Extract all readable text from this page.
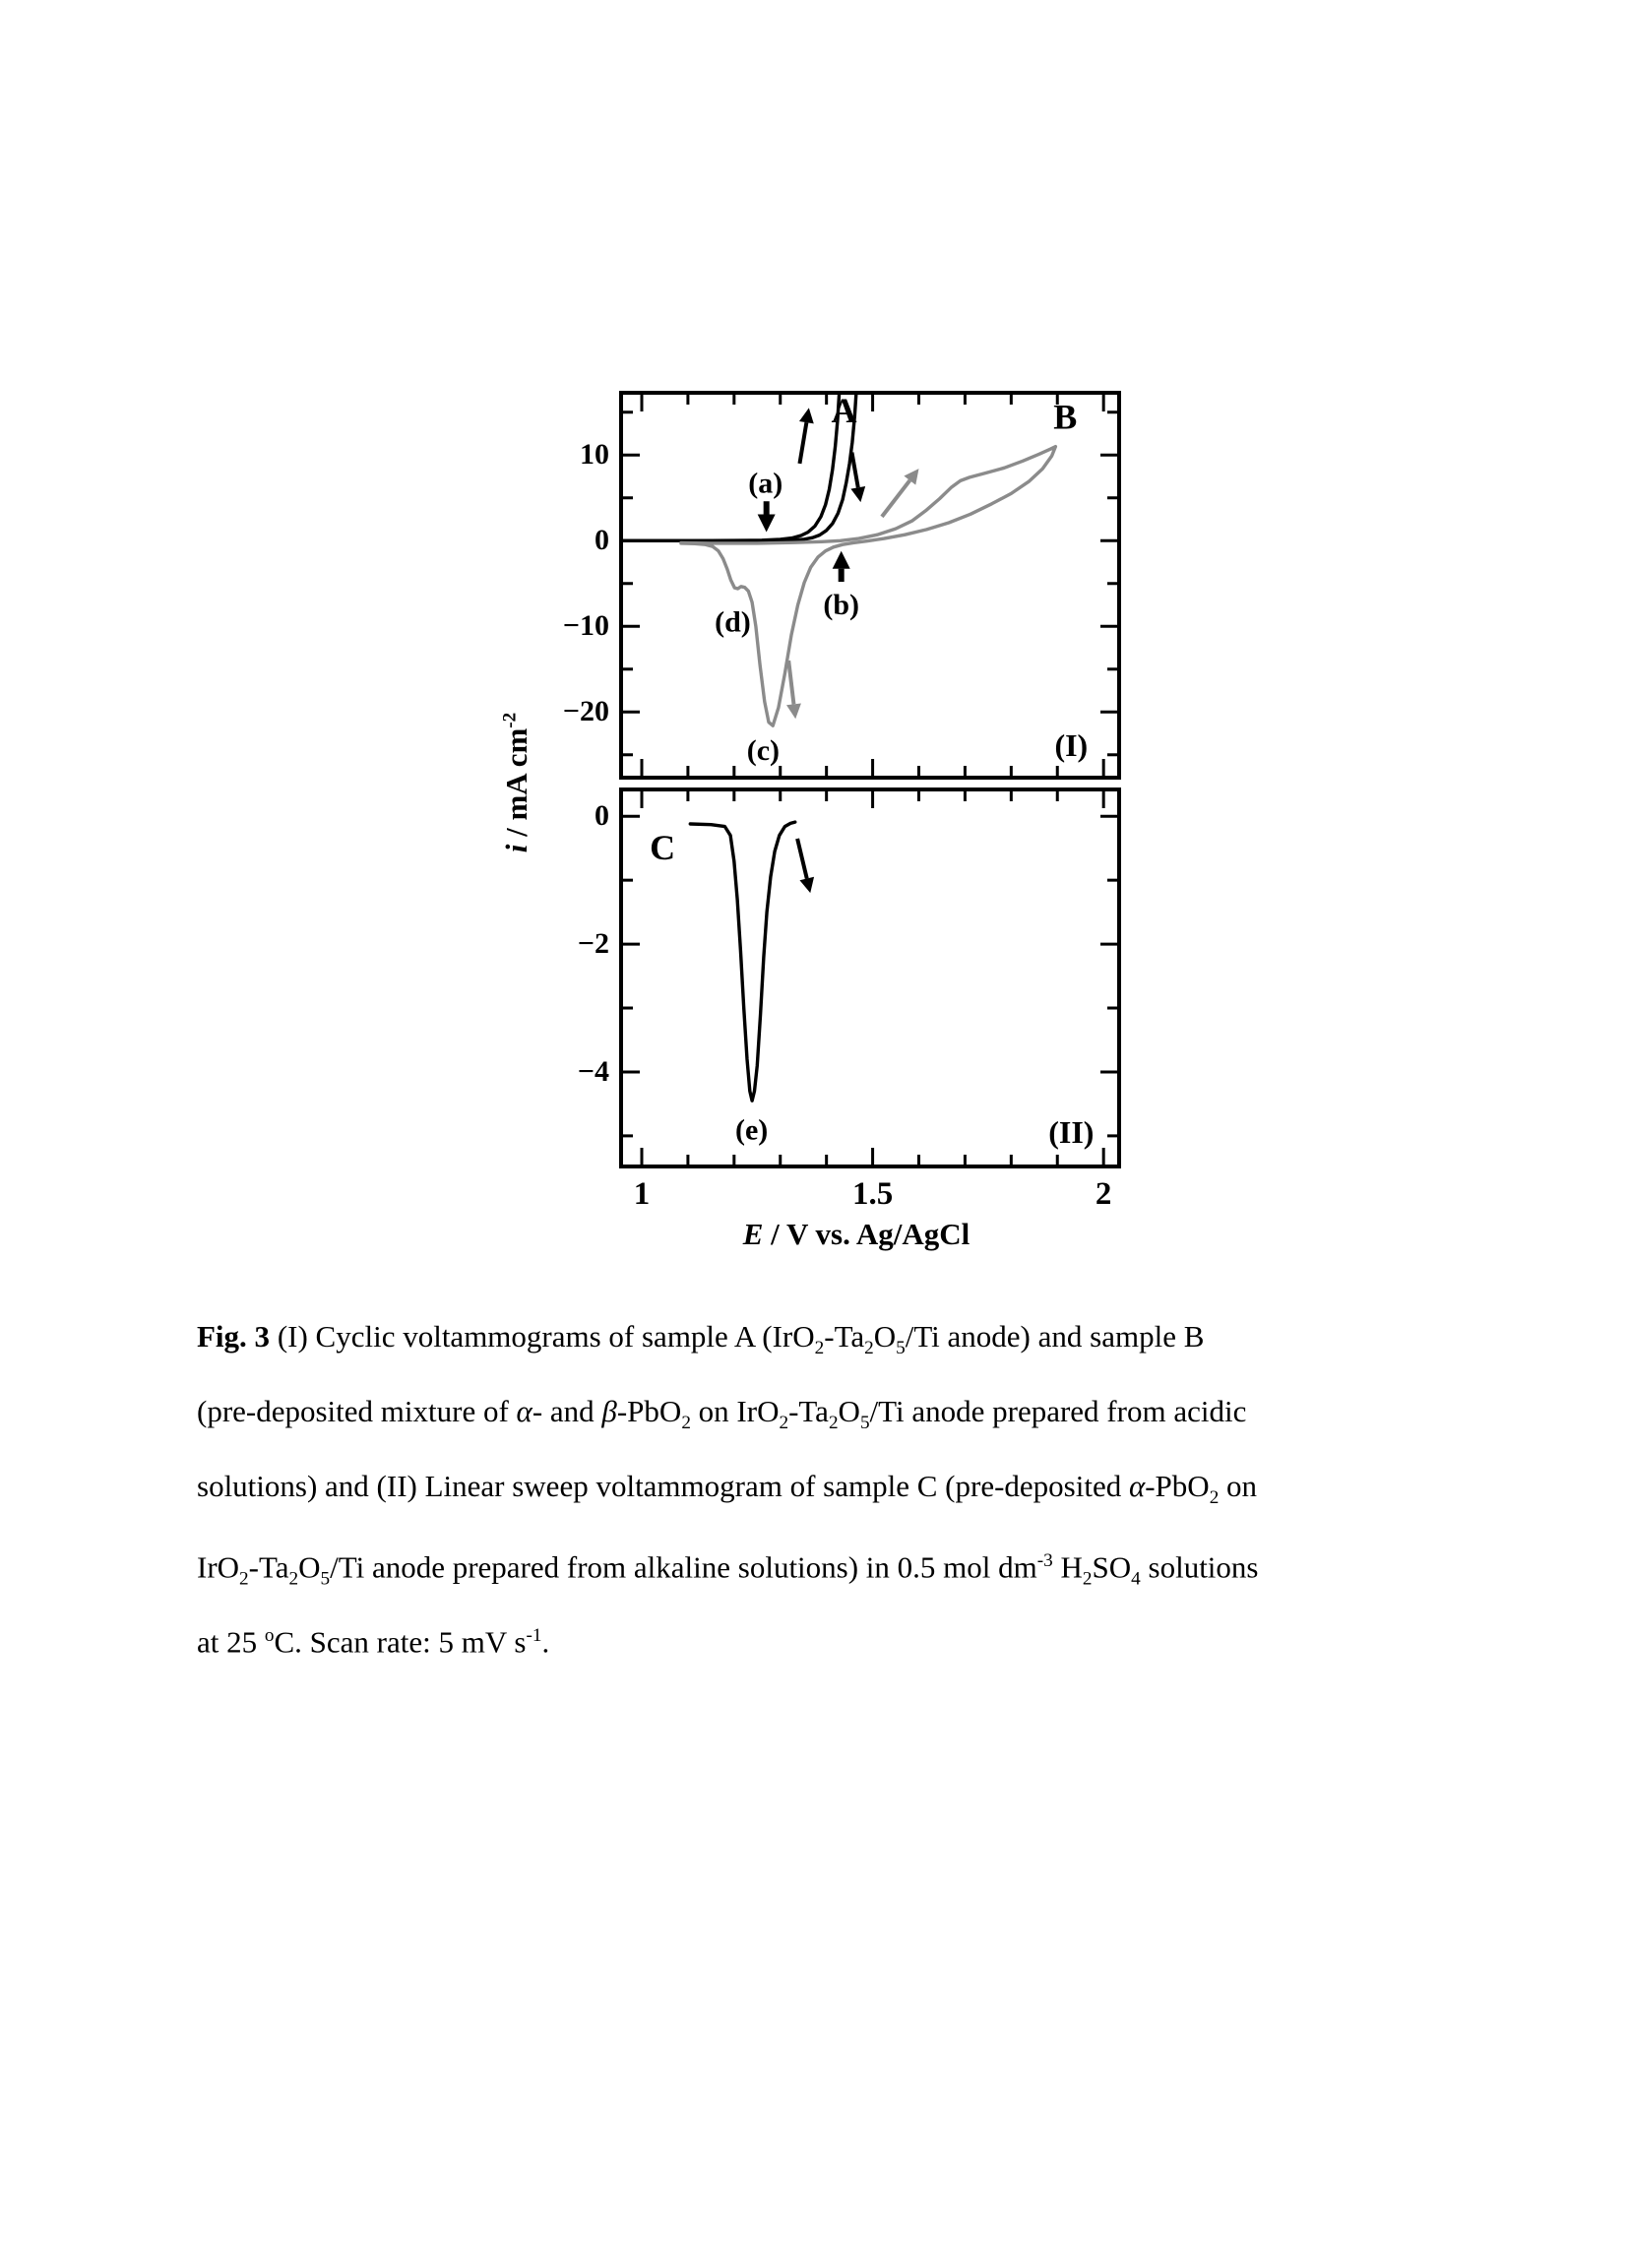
A	B
(a)
(b)
(d)
(c)	(I)
C
(e)	(II)
10
0
−10
−20
0
−2
−4
1	1.5	2
E / V vs. Ag/AgCl
i / mA $cm^{-2}$
Fig. 3 (I) Cyclic voltammograms of sample A ($IrO_2-Ta_2O_5/Ti$ anode) and sample B
(pre-deposited mixture of α- and β-PbO$_2$ on $IrO_2-Ta_2O_5/Ti$ anode prepared from acidic
solutions) and (II) Linear sweep voltammogram of sample C (pre-deposited α-PbO$_2$ on
$IrO_2-Ta_2O_5/Ti$ anode prepared from alkaline solutions) in 0.5 mol $dm^{-3}$ $H_2SO_4$ solutions
at 25 $^o$C. Scan rate: 5 mV $s^{-1}$.
